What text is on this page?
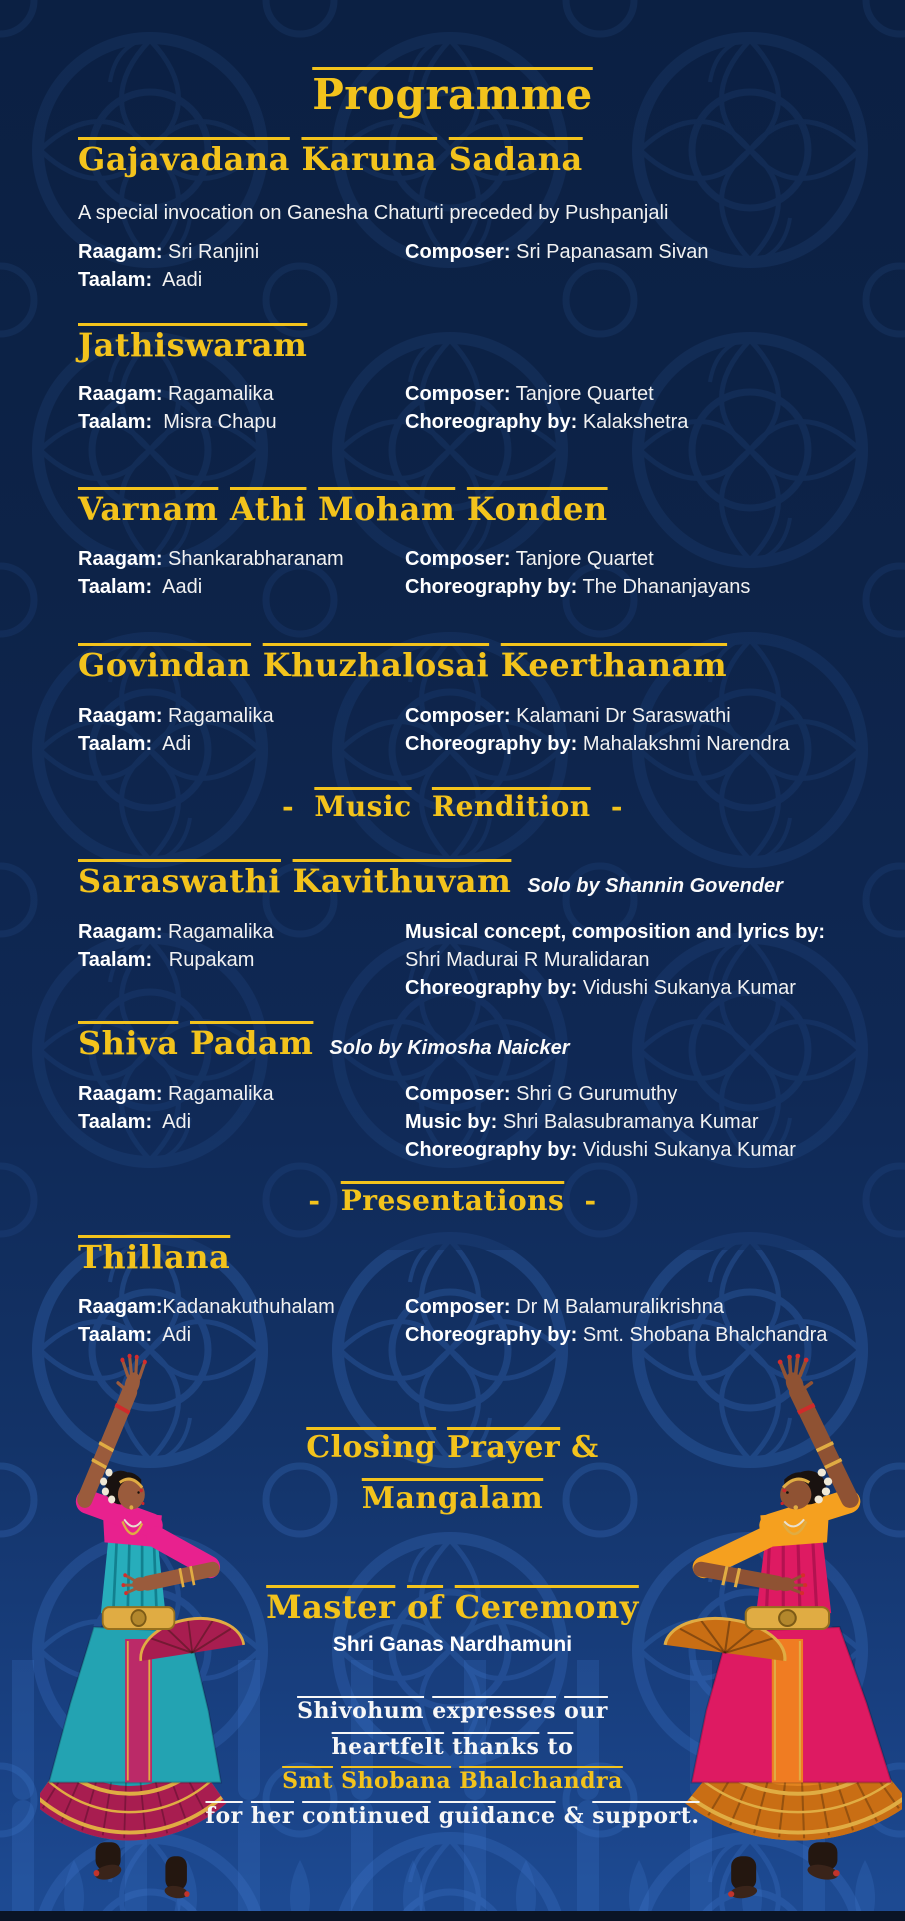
Programme
Gajavadana Karuna Sadana
A special invocation on Ganesha Chaturti preceded by Pushpanjali
Raagam: Sri Ranjini
Taalam: Aadi
Composer: Sri Papanasam Sivan
Jathiswaram
Raagam: Ragamalika
Taalam: Misra Chapu
Composer: Tanjore Quartet
Choreography by: Kalakshetra
Varnam Athi Moham Konden
Raagam: Shankarabharanam
Taalam: Aadi
Composer: Tanjore Quartet
Choreography by: The Dhananjayans
Govindan Khuzhalosai Keerthanam
Raagam: Ragamalika
Taalam: Adi
Composer: Kalamani Dr Saraswathi
Choreography by: Mahalakshmi Narendra
- Music Rendition -
Saraswathi Kavithuvam Solo by Shannin Govender
Raagam: Ragamalika
Taalam: Rupakam
Musical concept, composition and lyrics by:
Shri Madurai R Muralidaran
Choreography by: Vidushi Sukanya Kumar
Shiva Padam Solo by Kimosha Naicker
Raagam: Ragamalika
Taalam: Adi
Composer: Shri G Gurumuthy
Music by: Shri Balasubramanya Kumar
Choreography by: Vidushi Sukanya Kumar
- Presentations -
Thillana
Raagam:Kadanakuthuhalam
Taalam: Adi
Composer: Dr M Balamuralikrishna
Choreography by: Smt. Shobana Bhalchandra
Closing Prayer &
Mangalam
Master $\overline{of}$ Ceremony
Shri Ganas Nardhamuni
Shivohum expresses $\overline{our}$
heartfelt thanks $\overline{to}$
$\overline{Smt}$ Shobana Bhalchandra
$\overline{for}$ $\overline{her}$ continued guidance & support.
